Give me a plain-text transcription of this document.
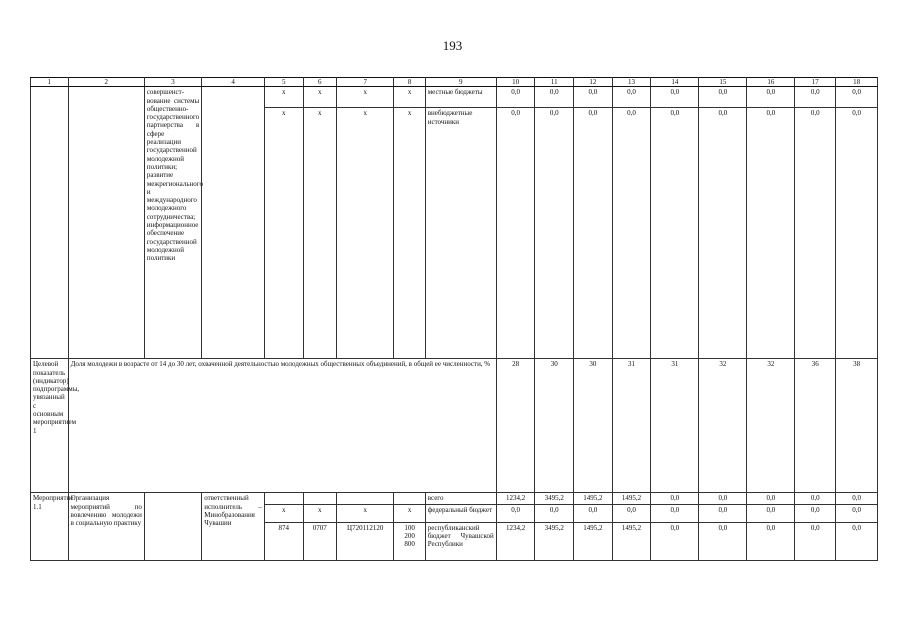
193
1	2	3	4	5	6	7	8	9	10	11	12	13	14	15	16	17	18
		совершенст-вование системы общественно-государственного партнерства в сфере реализации государственной молодежной политики; развитие межрегионального и международного молодежного сотрудничества; информационное обеспечение государственной молодежной политики		х	х	х	х	местные бюджеты	0,0	0,0	0,0	0,0	0,0	0,0	0,0	0,0	0,0
				х	х	х	х	внебюджетные источники	0,0	0,0	0,0	0,0	0,0	0,0	0,0	0,0	0,0
Целевой показатель (индикатор) подпрограммы, увязанный с основным мероприятием 1	Доля молодежи в возрасте от 14 до 30 лет, охваченной деятельностью молодежных общественных объединений, в общей ее численности, %								28	30	30	31	31	32	32	36	38
Мероприятие 1.1	Организация мероприятий по вовлечению молодежи в социальную практику		ответственный исполнитель – Минобразования Чувашии					всего	1234,2	3495,2	1495,2	1495,2	0,0	0,0	0,0	0,0	0,0
				х	х	х	х	федеральный бюджет	0,0	0,0	0,0	0,0	0,0	0,0	0,0	0,0	0,0
				874	0707	Ц720112120	100 200 800	республиканский бюджет Чувашской Республики	1234,2	3495,2	1495,2	1495,2	0,0	0,0	0,0	0,0	0,0
